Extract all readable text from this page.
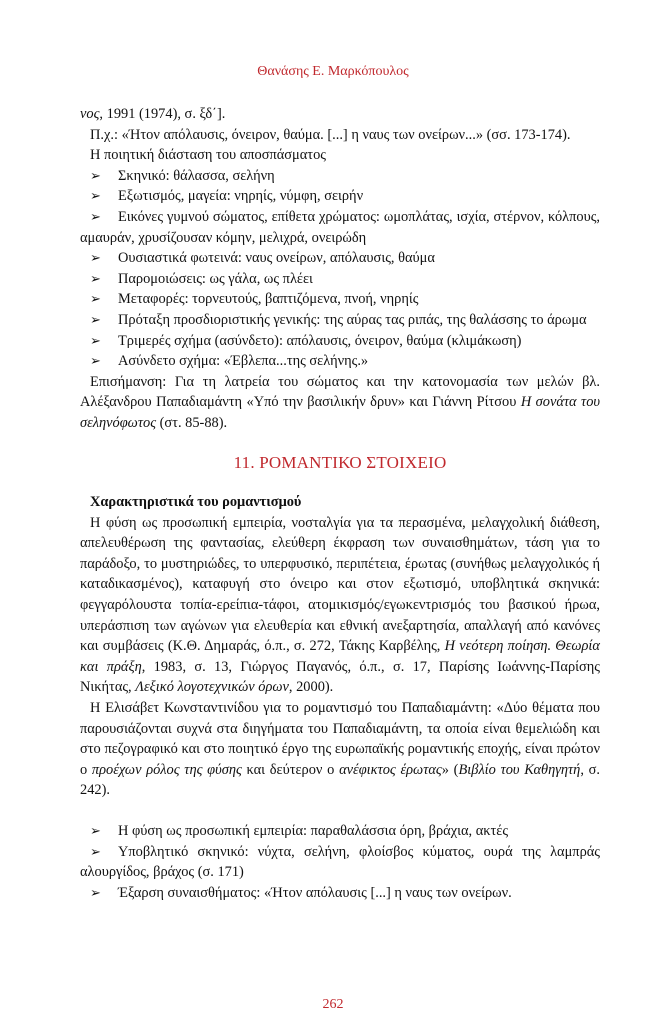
Θανάσης Ε. Μαρκόπουλος

νος, 1991 (1974), σ. ξδ΄].

Π.χ.: «Ήτον απόλαυσις, όνειρον, θαύμα. [...] η ναυς των ονείρων...» (σσ. 173-174).

Η ποιητική διάσταση του αποσπάσματος

➢	Σκηνικό: θάλασσα, σελήνη

➢	Εξωτισμός, μαγεία: νηρηίς, νύμφη, σειρήν

➢	Εικόνες γυμνού σώματος, επίθετα χρώματος: ωμοπλάτας, ισχία, στέρνον, κόλπους, αμαυράν, χρυσίζουσαν κόμην, μελιχρά, ονειρώδη

➢	Ουσιαστικά φωτεινά: ναυς ονείρων, απόλαυσις, θαύμα

➢	Παρομοιώσεις: ως γάλα, ως πλέει

➢	Μεταφορές: τορνευτούς, βαπτιζόμενα, πνοή, νηρηίς

➢	Πρόταξη προσδιοριστικής γενικής: της αύρας τας ριπάς, της θαλάσσης το άρωμα

➢	Τριμερές σχήμα (ασύνδετο): απόλαυσις, όνειρον, θαύμα (κλιμάκωση)

➢	Ασύνδετο σχήμα: «Έβλεπα...της σελήνης.»

Επισήμανση: Για τη λατρεία του σώματος και την κατονομασία των μελών βλ. Αλέξανδρου Παπαδιαμάντη «Υπό την βασιλικήν δρυν» και Γιάννη Ρίτσου Η σονάτα του σεληνόφωτος (στ. 85-88).

11. ΡΟΜΑΝΤΙΚΟ ΣΤΟΙΧΕΙΟ

Χαρακτηριστικά του ρομαντισμού

Η φύση ως προσωπική εμπειρία, νοσταλγία για τα περασμένα, μελαγχολική διάθεση, απελευθέρωση της φαντασίας, ελεύθερη έκφραση των συναισθημάτων, τάση για το παράδοξο, το μυστηριώδες, το υπερφυσικό, περιπέτεια, έρωτας (συνήθως μελαγχολικός ή καταδικασμένος), καταφυγή στο όνειρο και στον εξωτισμό, υποβλητικά σκηνικά: φεγγαρόλουστα τοπία-ερείπια-τάφοι, ατομικισμός/εγωκεντρισμός του βασικού ήρωα, υπεράσπιση των αγώνων για ελευθερία και εθνική ανεξαρτησία, απαλλαγή από κανόνες και συμβάσεις (Κ.Θ. Δημαράς, ό.π., σ. 272, Τάκης Καρβέλης, Η νεότερη ποίηση. Θεωρία και πράξη, 1983, σ. 13, Γιώργος Παγανός, ό.π., σ. 17, Παρίσης Ιωάννης-Παρίσης Νικήτας, Λεξικό λογοτεχνικών όρων, 2000).

Η Ελισάβετ Κωνσταντινίδου για το ρομαντισμό του Παπαδιαμάντη: «Δύο θέματα που παρουσιάζονται συχνά στα διηγήματα του Παπαδιαμάντη, τα οποία είναι θεμελιώδη και στο πεζογραφικό και στο ποιητικό έργο της ευρωπαϊκής ρομαντικής εποχής, είναι πρώτον ο προέχων ρόλος της φύσης και δεύτερον ο ανέφικτος έρωτας» (Βιβλίο του Καθηγητή, σ. 242).

➢	Η φύση ως προσωπική εμπειρία: παραθαλάσσια όρη, βράχια, ακτές

➢	Υποβλητικό σκηνικό: νύχτα, σελήνη, φλοίσβος κύματος, ουρά της λαμπράς αλουργίδος, βράχος (σ. 171)

➢	Έξαρση συναισθήματος: «Ήτον απόλαυσις [...] η ναυς των ονείρων.

262
